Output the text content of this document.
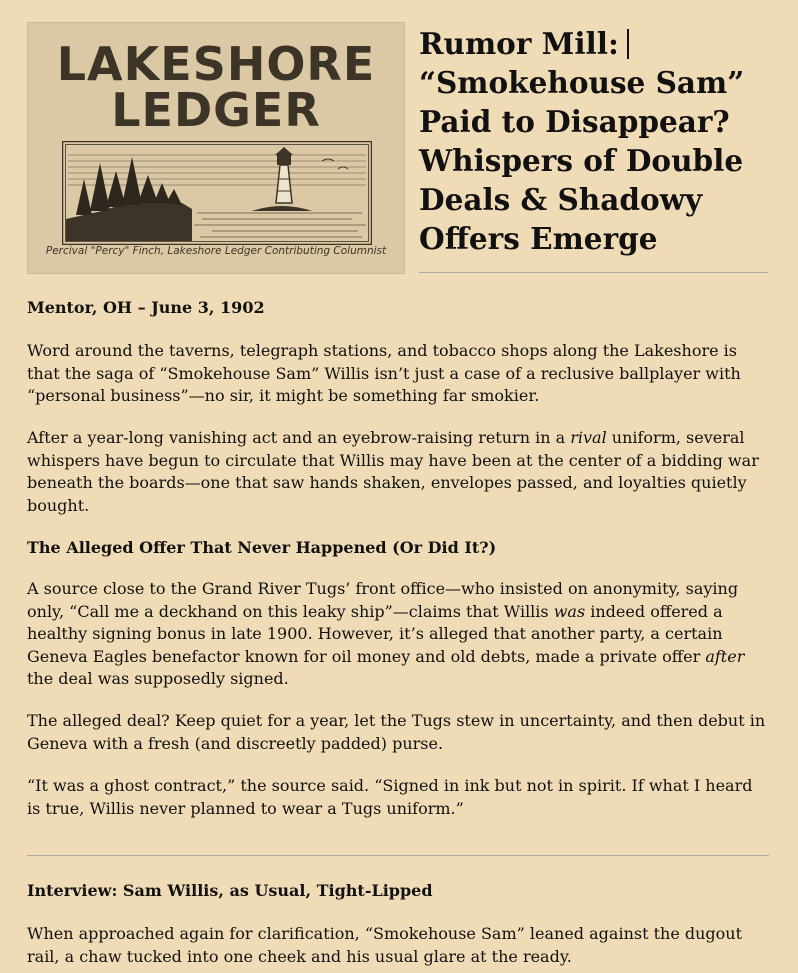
LAKESHORE
LEDGER
Percival "Percy" Finch, Lakeshore Ledger Contributing Columnist
Rumor Mill:
“Smokehouse Sam”
Paid to Disappear?
Whispers of Double
Deals & Shadowy
Offers Emerge

Mentor, OH – June 3, 1902

Word around the taverns, telegraph stations, and tobacco shops along the Lakeshore is that the saga of “Smokehouse Sam” Willis isn’t just a case of a reclusive ballplayer with “personal business”—no sir, it might be something far smokier.

After a year-long vanishing act and an eyebrow-raising return in a rival uniform, several whispers have begun to circulate that Willis may have been at the center of a bidding war beneath the boards—one that saw hands shaken, envelopes passed, and loyalties quietly bought.

The Alleged Offer That Never Happened (Or Did It?)

A source close to the Grand River Tugs’ front office—who insisted on anonymity, saying only, “Call me a deckhand on this leaky ship”—claims that Willis was indeed offered a healthy signing bonus in late 1900. However, it’s alleged that another party, a certain Geneva Eagles benefactor known for oil money and old debts, made a private offer after the deal was supposedly signed.

The alleged deal? Keep quiet for a year, let the Tugs stew in uncertainty, and then debut in Geneva with a fresh (and discreetly padded) purse.

“It was a ghost contract,” the source said. “Signed in ink but not in spirit. If what I heard is true, Willis never planned to wear a Tugs uniform.”

Interview: Sam Willis, as Usual, Tight-Lipped

When approached again for clarification, “Smokehouse Sam” leaned against the dugout rail, a chaw tucked into one cheek and his usual glare at the ready.
